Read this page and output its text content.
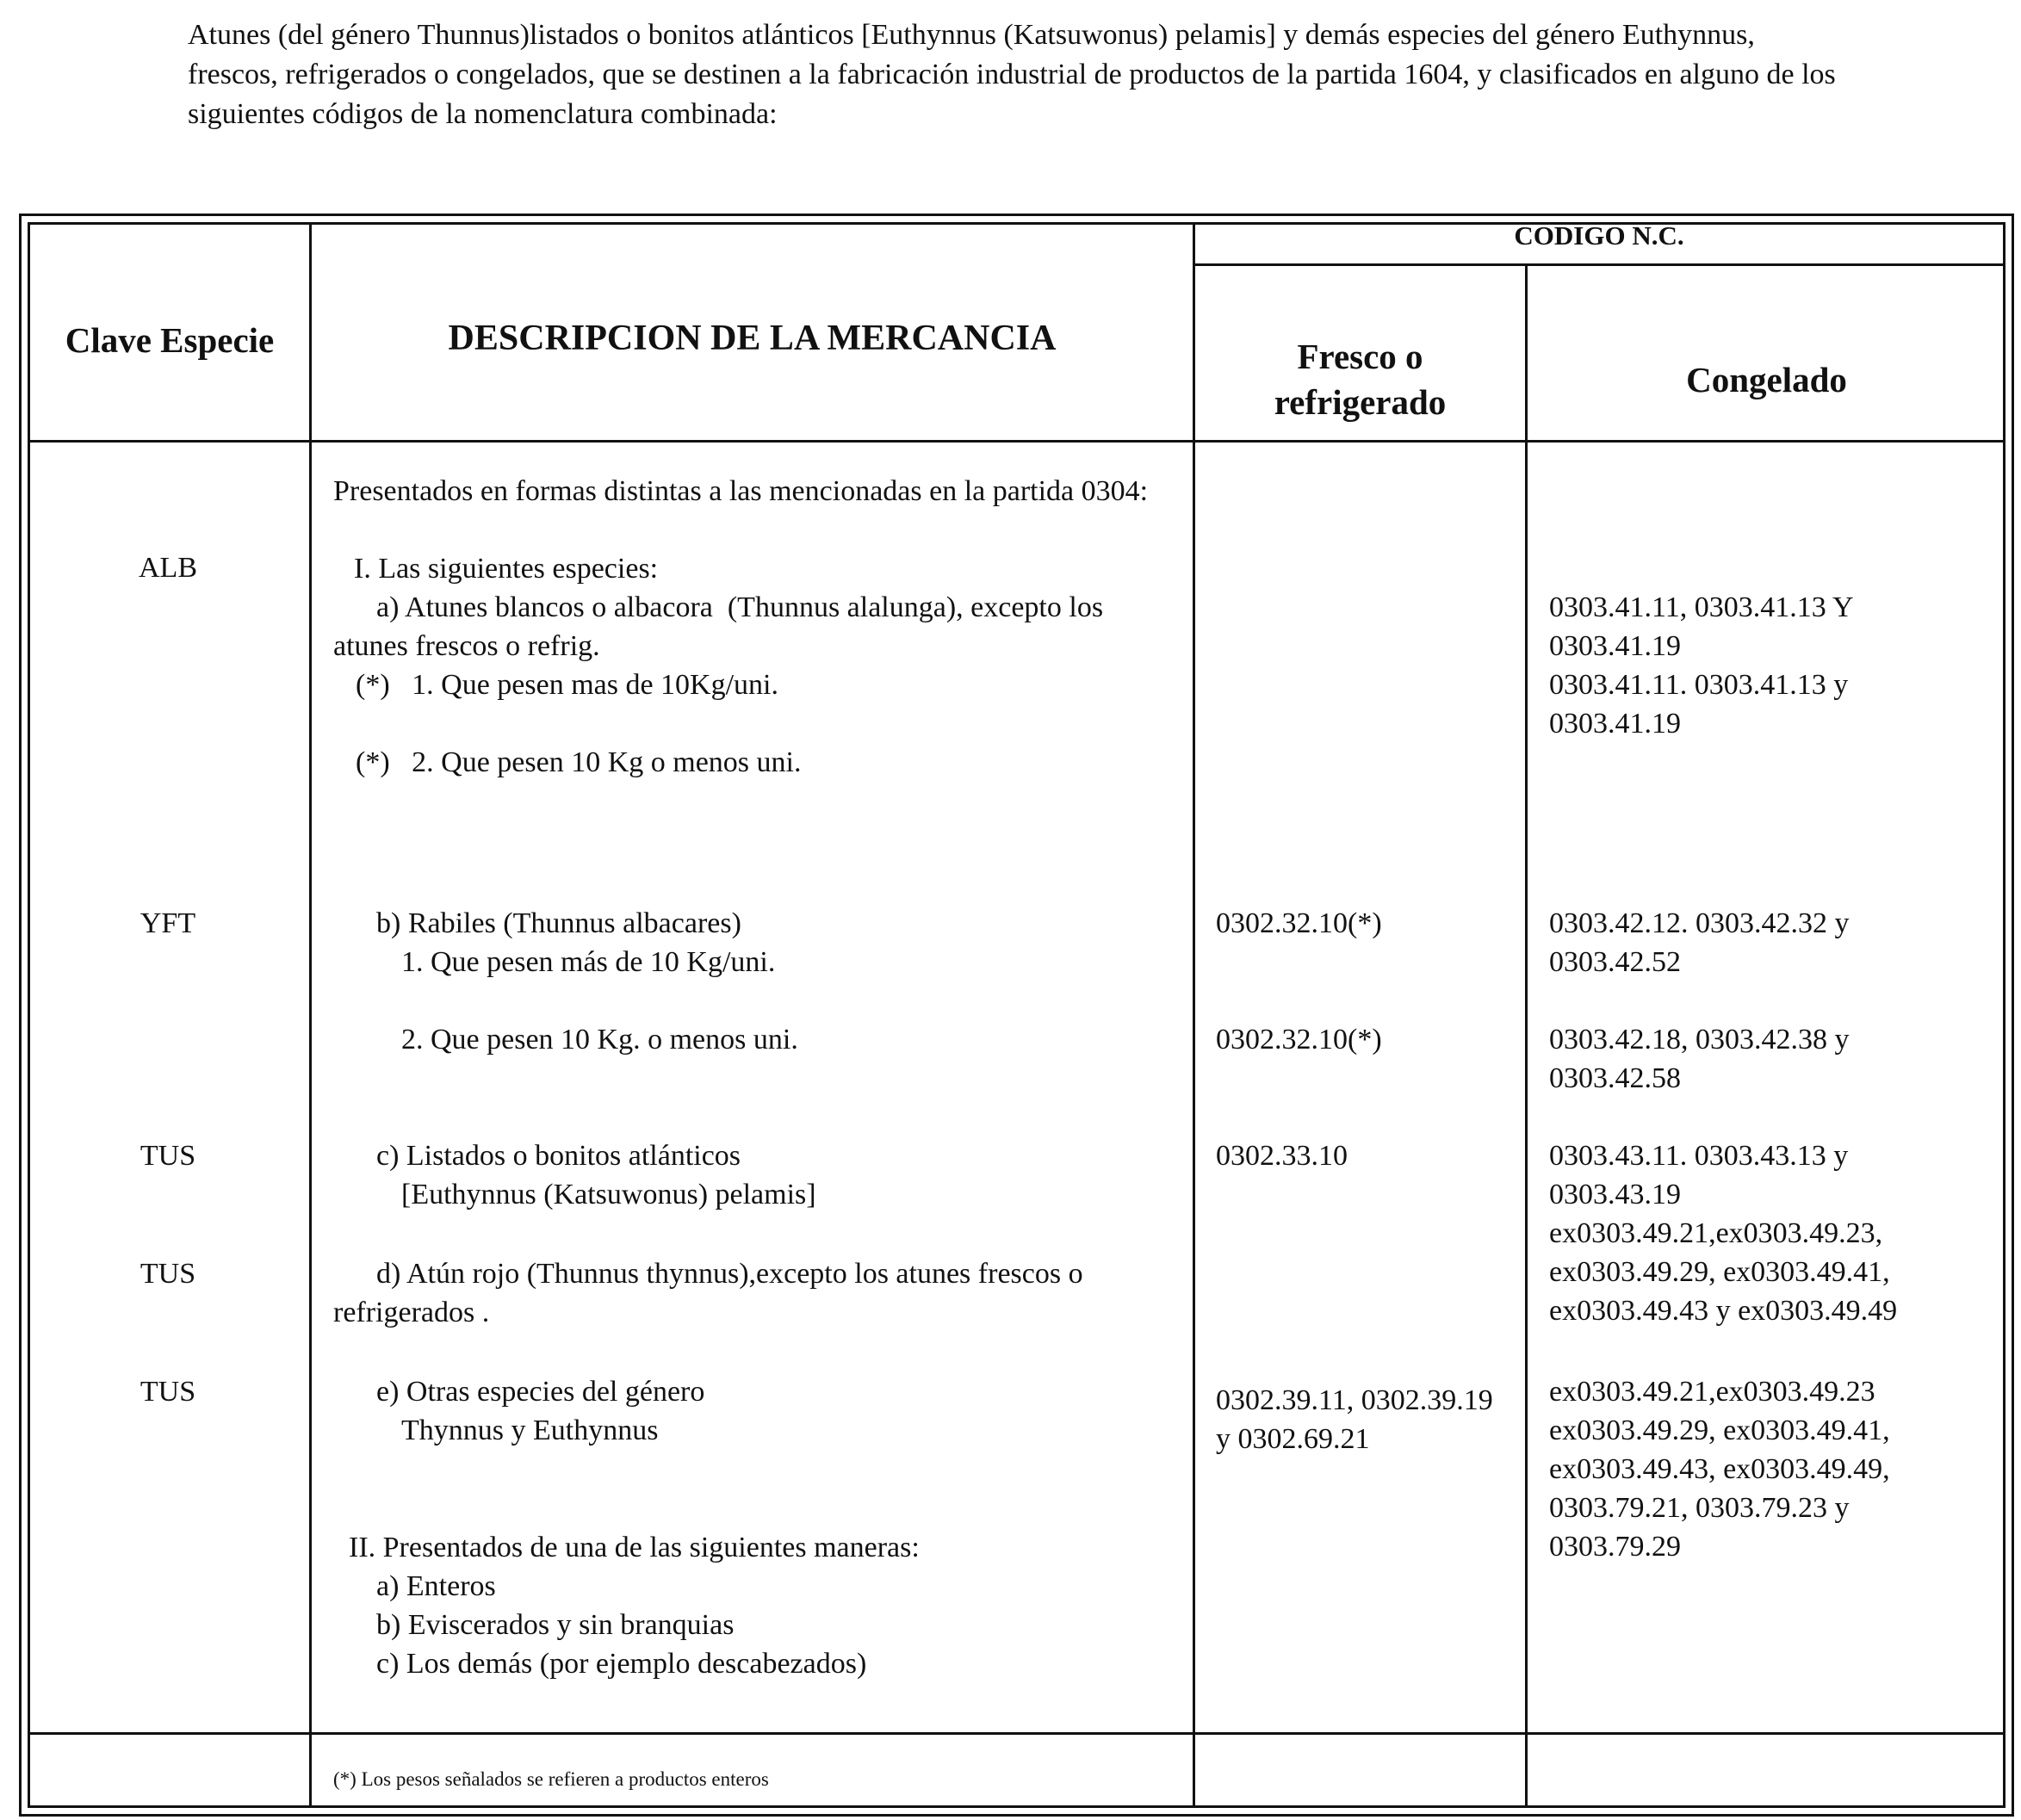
Atunes (del género Thunnus)listados o bonitos atlánticos [Euthynnus (Katsuwonus) pelamis] y demás especies del género Euthynnus,
frescos, refrigerados o congelados, que se destinen a la fabricación industrial de productos de la partida 1604, y clasificados en alguno de los
siguientes códigos de la nomenclatura combinada:
Clave Especie	DESCRIPCION DE LA MERCANCIA
CODIGO N.C.
Fresco o
refrigerado
Congelado
ALB
YFT
TUS
TUS
TUS
Presentados en formas distintas a las mencionadas en la partida 0304:
I. Las siguientes especies:
a) Atunes blancos o albacora  (Thunnus alalunga), excepto los
atunes frescos o refrig.
(*)   1. Que pesen mas de 10Kg/uni.
(*)   2. Que pesen 10 Kg o menos uni.
b) Rabiles (Thunnus albacares)
1. Que pesen más de 10 Kg/uni.
2. Que pesen 10 Kg. o menos uni.
c) Listados o bonitos atlánticos
[Euthynnus (Katsuwonus) pelamis]
d) Atún rojo (Thunnus thynnus),excepto los atunes frescos o
refrigerados .
e) Otras especies del género
Thynnus y Euthynnus
II. Presentados de una de las siguientes maneras:
a) Enteros
b) Eviscerados y sin branquias
c) Los demás (por ejemplo descabezados)
0302.32.10(*)
0302.32.10(*)
0302.33.10
0302.39.11, 0302.39.19
y 0302.69.21
0303.41.11, 0303.41.13 Y
0303.41.19
0303.41.11. 0303.41.13 y
0303.41.19
0303.42.12. 0303.42.32 y
0303.42.52
0303.42.18, 0303.42.38 y
0303.42.58
0303.43.11. 0303.43.13 y
0303.43.19
ex0303.49.21,ex0303.49.23,
ex0303.49.29, ex0303.49.41,
ex0303.49.43 y ex0303.49.49
ex0303.49.21,ex0303.49.23
ex0303.49.29, ex0303.49.41,
ex0303.49.43, ex0303.49.49,
0303.79.21, 0303.79.23 y
0303.79.29
(*) Los pesos señalados se refieren a productos enteros
